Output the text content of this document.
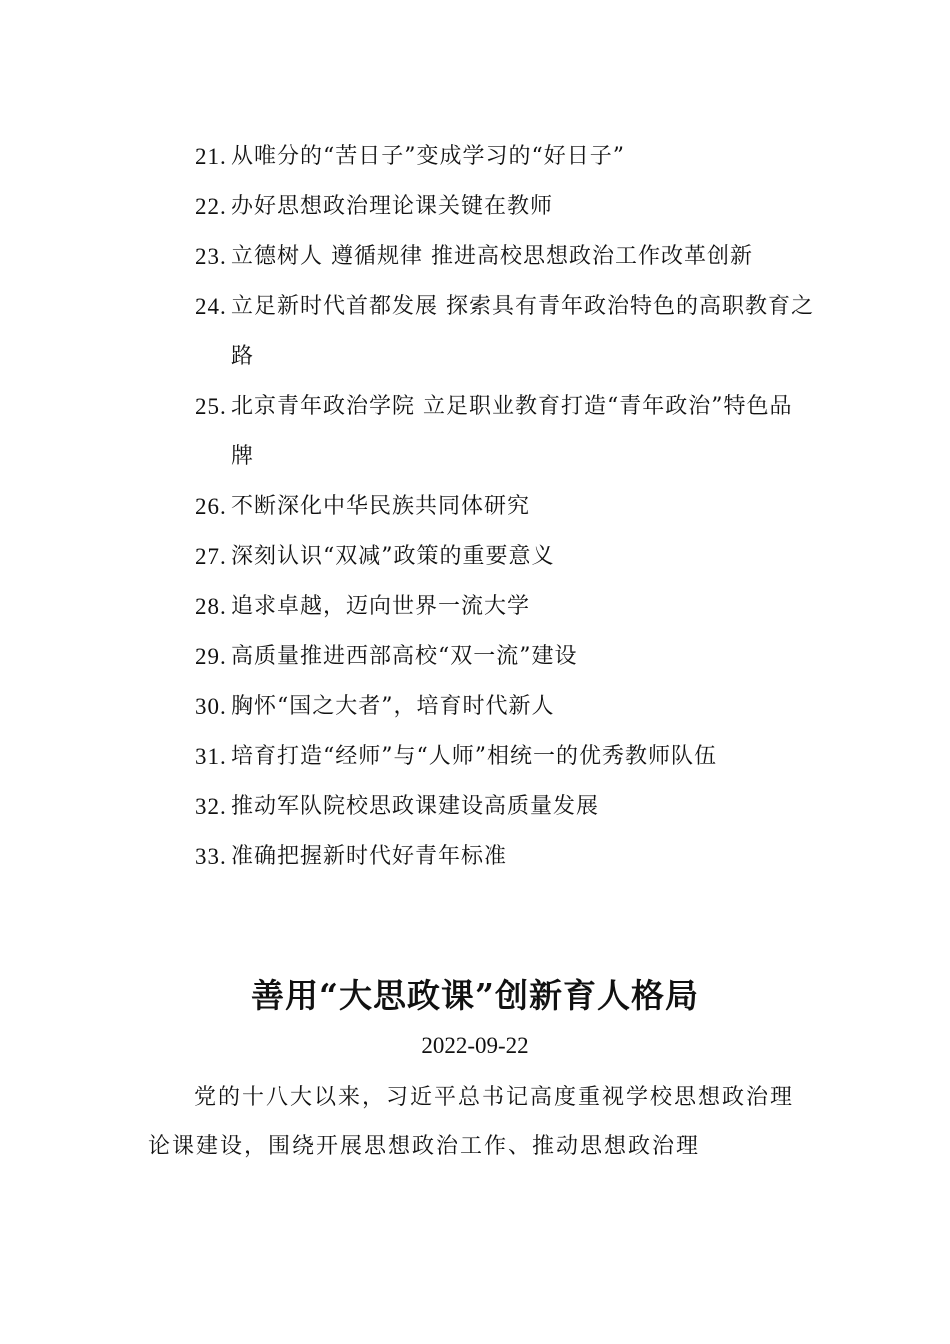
21. 从唯分的“苦日子”变成学习的“好日子”
22. 办好思想政治理论课关键在教师
23. 立德树人 遵循规律 推进高校思想政治工作改革创新
24. 立足新时代首都发展 探索具有青年政治特色的高职教育之路
25. 北京青年政治学院 立足职业教育打造“青年政治”特色品牌
26. 不断深化中华民族共同体研究
27. 深刻认识“双减”政策的重要意义
28. 追求卓越，迈向世界一流大学
29. 高质量推进西部高校“双一流”建设
30. 胸怀“国之大者”，培育时代新人
31. 培育打造“经师”与“人师”相统一的优秀教师队伍
32. 推动军队院校思政课建设高质量发展
33. 准确把握新时代好青年标准
善用“大思政课”创新育人格局
2022-09-22
党的十八大以来，习近平总书记高度重视学校思想政治理论课建设，围绕开展思想政治工作、推动思想政治理
